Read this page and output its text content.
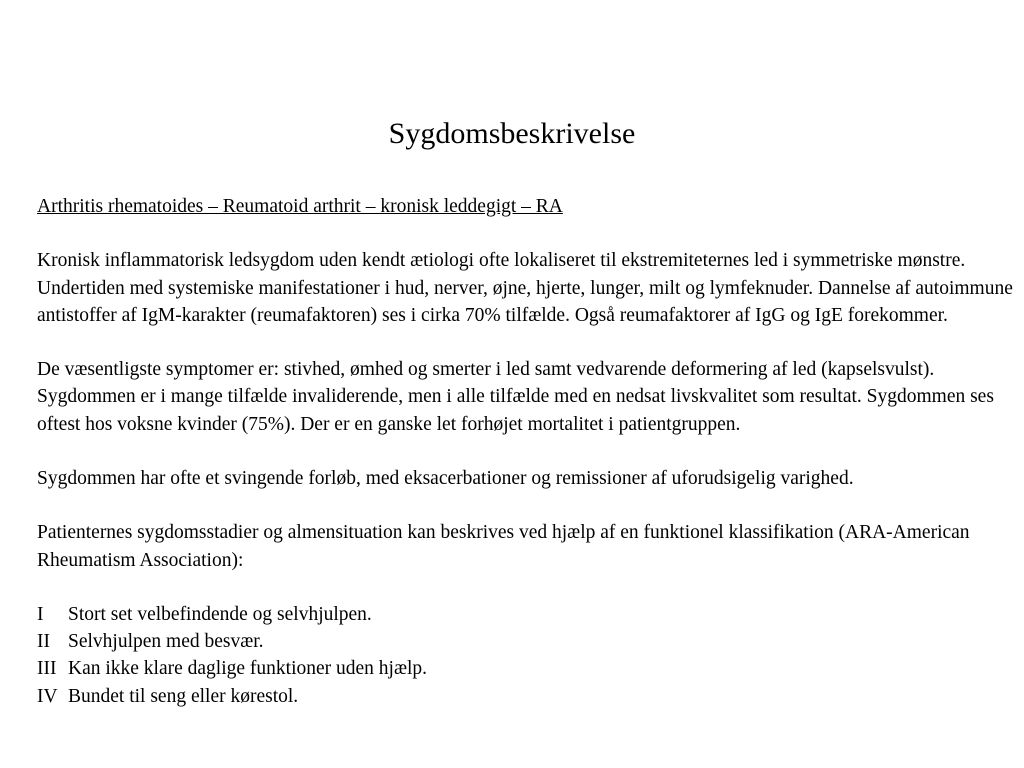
Sygdomsbeskrivelse

Arthritis rhematoides – Reumatoid arthrit – kronisk leddegigt – RA

Kronisk inflammatorisk ledsygdom uden kendt ætiologi ofte lokaliseret til ekstremiteternes led i symmetriske mønstre. Undertiden med systemiske manifestationer i hud, nerver, øjne, hjerte, lunger, milt og lymfeknuder. Dannelse af autoimmune antistoffer af IgM-karakter (reumafaktoren) ses i cirka 70% tilfælde. Også reumafaktorer af IgG og IgE forekommer.

De væsentligste symptomer er: stivhed, ømhed og smerter i led samt vedvarende deformering af led (kapselsvulst). Sygdommen er i mange tilfælde invaliderende, men i alle tilfælde med en nedsat livskvalitet som resultat. Sygdommen ses oftest hos voksne kvinder (75%). Der er en ganske let forhøjet mortalitet i patientgruppen.

Sygdommen har ofte et svingende forløb, med eksacerbationer og remissioner af uforudsigelig varighed.

Patienternes sygdomsstadier og almensituation kan beskrives ved hjælp af en funktionel klassifikation (ARA-American Rheumatism Association):

I Stort set velbefindende og selvhjulpen.
II Selvhjulpen med besvær.
III Kan ikke klare daglige funktioner uden hjælp.
IV Bundet til seng eller kørestol.
